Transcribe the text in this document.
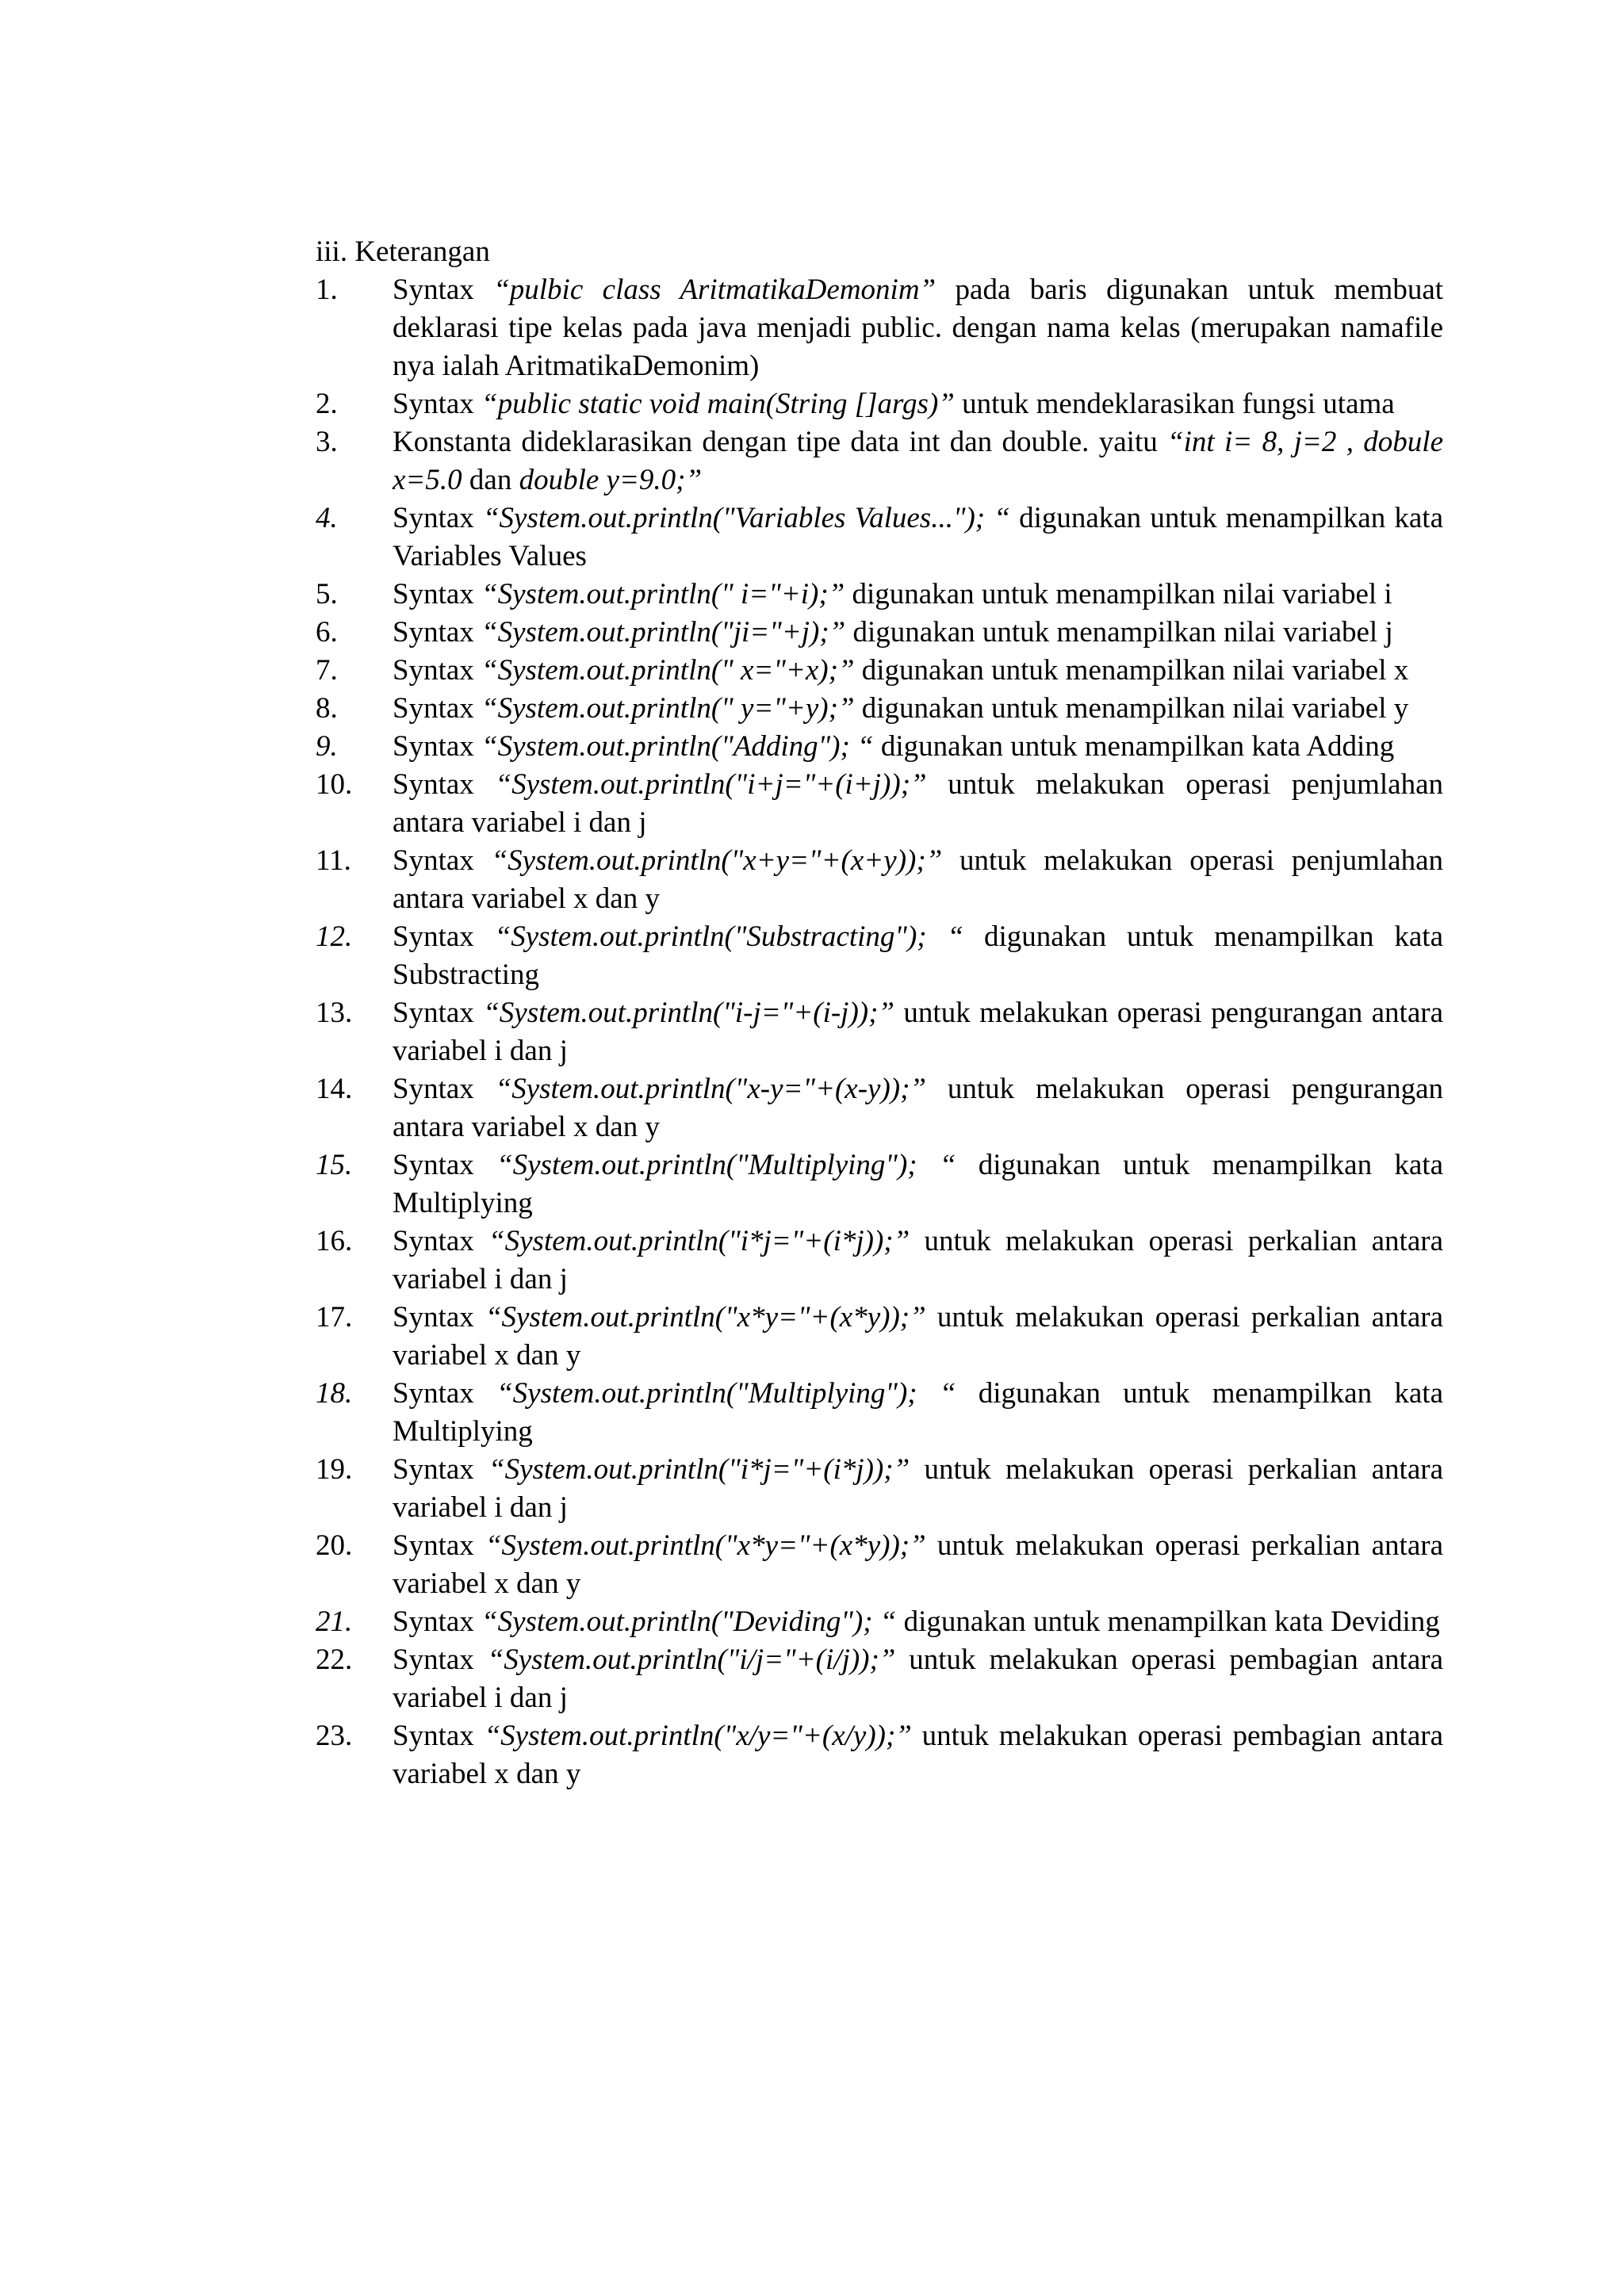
iii. Keterangan
1.	Syntax “pulbic class AritmatikaDemonim” pada baris digunakan untuk membuat deklarasi tipe kelas pada java menjadi public. dengan nama kelas (merupakan namafile nya ialah AritmatikaDemonim)
2.	Syntax “public static void main(String []args)” untuk mendeklarasikan fungsi utama
3.	Konstanta dideklarasikan dengan tipe data int dan double. yaitu “int i= 8, j=2 , dobule x=5.0 dan double y=9.0;”
4.	Syntax “System.out.println("Variables Values..."); “ digunakan untuk menampilkan kata Variables Values
5.	Syntax “System.out.println(" i="+i);” digunakan untuk menampilkan nilai variabel i
6.	Syntax “System.out.println("ji="+j);” digunakan untuk menampilkan nilai variabel j
7.	Syntax “System.out.println(" x="+x);” digunakan untuk menampilkan nilai variabel x
8.	Syntax “System.out.println(" y="+y);” digunakan untuk menampilkan nilai variabel y
9.	Syntax “System.out.println("Adding"); “ digunakan untuk menampilkan kata Adding
10.	Syntax “System.out.println("i+j="+(i+j));” untuk melakukan operasi penjumlahan antara variabel i dan j
11.	Syntax “System.out.println("x+y="+(x+y));” untuk melakukan operasi penjumlahan antara variabel x dan y
12.	Syntax “System.out.println("Substracting"); “ digunakan untuk menampilkan kata Substracting
13.	Syntax “System.out.println("i-j="+(i-j));” untuk melakukan operasi pengurangan antara variabel i dan j
14.	Syntax “System.out.println("x-y="+(x-y));” untuk melakukan operasi pengurangan antara variabel x dan y
15.	Syntax “System.out.println("Multiplying"); “ digunakan untuk menampilkan kata Multiplying
16.	Syntax “System.out.println("i*j="+(i*j));” untuk melakukan operasi perkalian antara variabel i dan j
17.	Syntax “System.out.println("x*y="+(x*y));” untuk melakukan operasi perkalian antara variabel x dan y
18.	Syntax “System.out.println("Multiplying"); “ digunakan untuk menampilkan kata Multiplying
19.	Syntax “System.out.println("i*j="+(i*j));” untuk melakukan operasi perkalian antara variabel i dan j
20.	Syntax “System.out.println("x*y="+(x*y));” untuk melakukan operasi perkalian antara variabel x dan y
21.	Syntax “System.out.println("Deviding"); “ digunakan untuk menampilkan kata Deviding
22.	Syntax “System.out.println("i/j="+(i/j));” untuk melakukan operasi pembagian antara variabel i dan j
23.	Syntax “System.out.println("x/y="+(x/y));” untuk melakukan operasi pembagian antara variabel x dan y
